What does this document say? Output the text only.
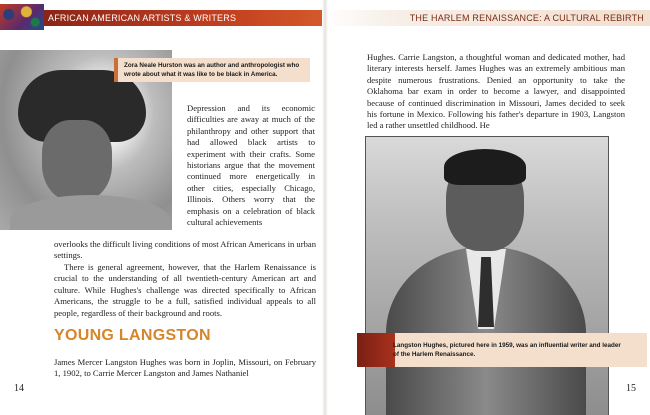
AFRICAN AMERICAN ARTISTS & WRITERS
Zora Neale Hurston was an author and anthropologist who wrote about what it was like to be black in America.
Depression and its economic difficulties are away at much of the philanthropy and other support that had allowed black artists to experiment with their crafts. Some historians argue that the movement continued more energetically in other cities, especially Chicago, Illinois. Others worry that the emphasis on a celebration of black cultural achievements
overlooks the difficult living conditions of most African Americans in urban settings.
There is general agreement, however, that the Harlem Renaissance is crucial to the understanding of all twentieth-century American art and culture. While Hughes's challenge was directed specifically to African Americans, the struggle to be a full, satisfied individual appeals to all people, regardless of their background and roots.
YOUNG LANGSTON
James Mercer Langston Hughes was born in Joplin, Missouri, on February 1, 1902, to Carrie Mercer Langston and James Nathaniel
14
THE HARLEM RENAISSANCE: A CULTURAL REBIRTH
Hughes. Carrie Langston, a thoughtful woman and dedicated mother, had literary interests herself. James Hughes was an extremely ambitious man despite numerous frustrations. Denied an opportunity to take the Oklahoma bar exam in order to become a lawyer, and disappointed because of continued discrimination in Missouri, James decided to seek his fortune in Mexico. Following his father's departure in 1903, Langston led a rather unsettled childhood. He
Langston Hughes, pictured here in 1959, was an influential writer and leader of the Harlem Renaissance.
15
